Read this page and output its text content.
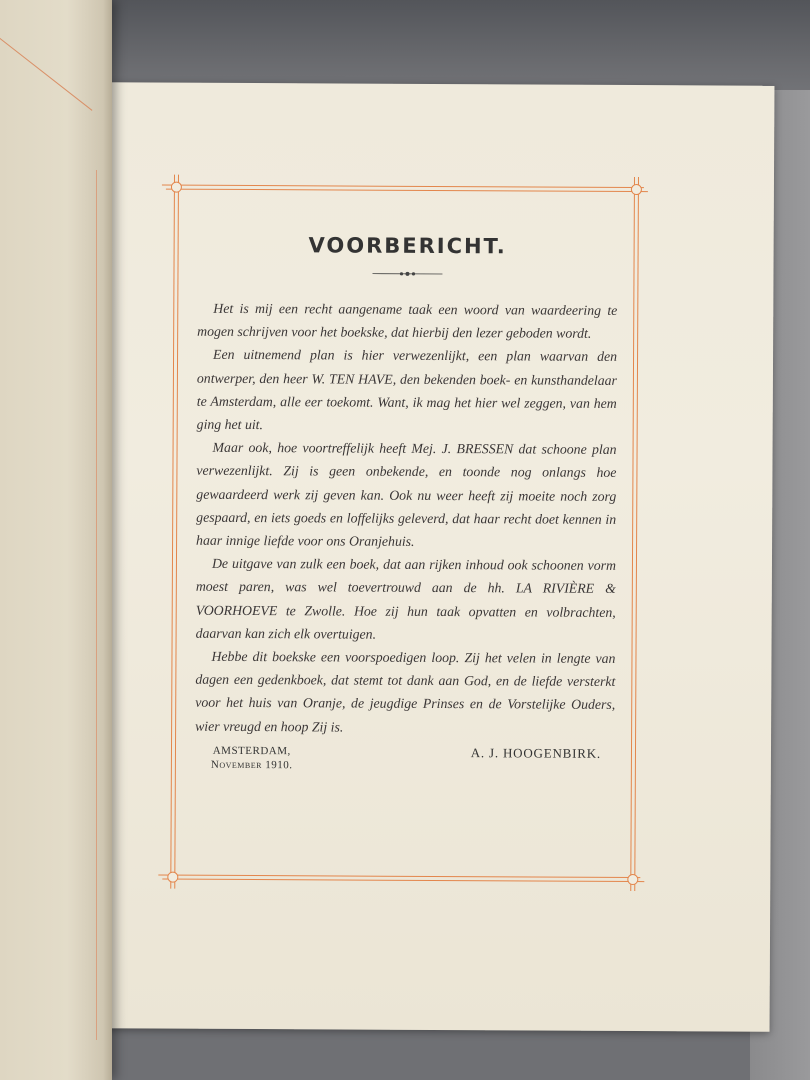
VOORBERICHT.

Het is mij een recht aangename taak een woord van waardeering te mogen schrijven voor het boekske, dat hierbij den lezer geboden wordt.

Een uitnemend plan is hier verwezenlijkt, een plan waarvan den ontwerper, den heer W. TEN HAVE, den bekenden boek- en kunsthandelaar te Amsterdam, alle eer toekomt. Want, ik mag het hier wel zeggen, van hem ging het uit.

Maar ook, hoe voortreffelijk heeft Mej. J. BRESSEN dat schoone plan verwezenlijkt. Zij is geen onbekende, en toonde nog onlangs hoe gewaardeerd werk zij geven kan. Ook nu weer heeft zij moeite noch zorg gespaard, en iets goeds en loffelijks geleverd, dat haar recht doet kennen in haar innige liefde voor ons Oranjehuis.

De uitgave van zulk een boek, dat aan rijken inhoud ook schoonen vorm moest paren, was wel toevertrouwd aan de hh. LA RIVIÈRE & VOORHOEVE te Zwolle. Hoe zij hun taak opvatten en volbrachten, daarvan kan zich elk overtuigen.

Hebbe dit boekske een voorspoedigen loop. Zij het velen in lengte van dagen een gedenkboek, dat stemt tot dank aan God, en de liefde versterkt voor het huis van Oranje, de jeugdige Prinses en de Vorstelijke Ouders, wier vreugd en hoop Zij is.

AMSTERDAM,
November 1910.
A. J. HOOGENBIRK.
